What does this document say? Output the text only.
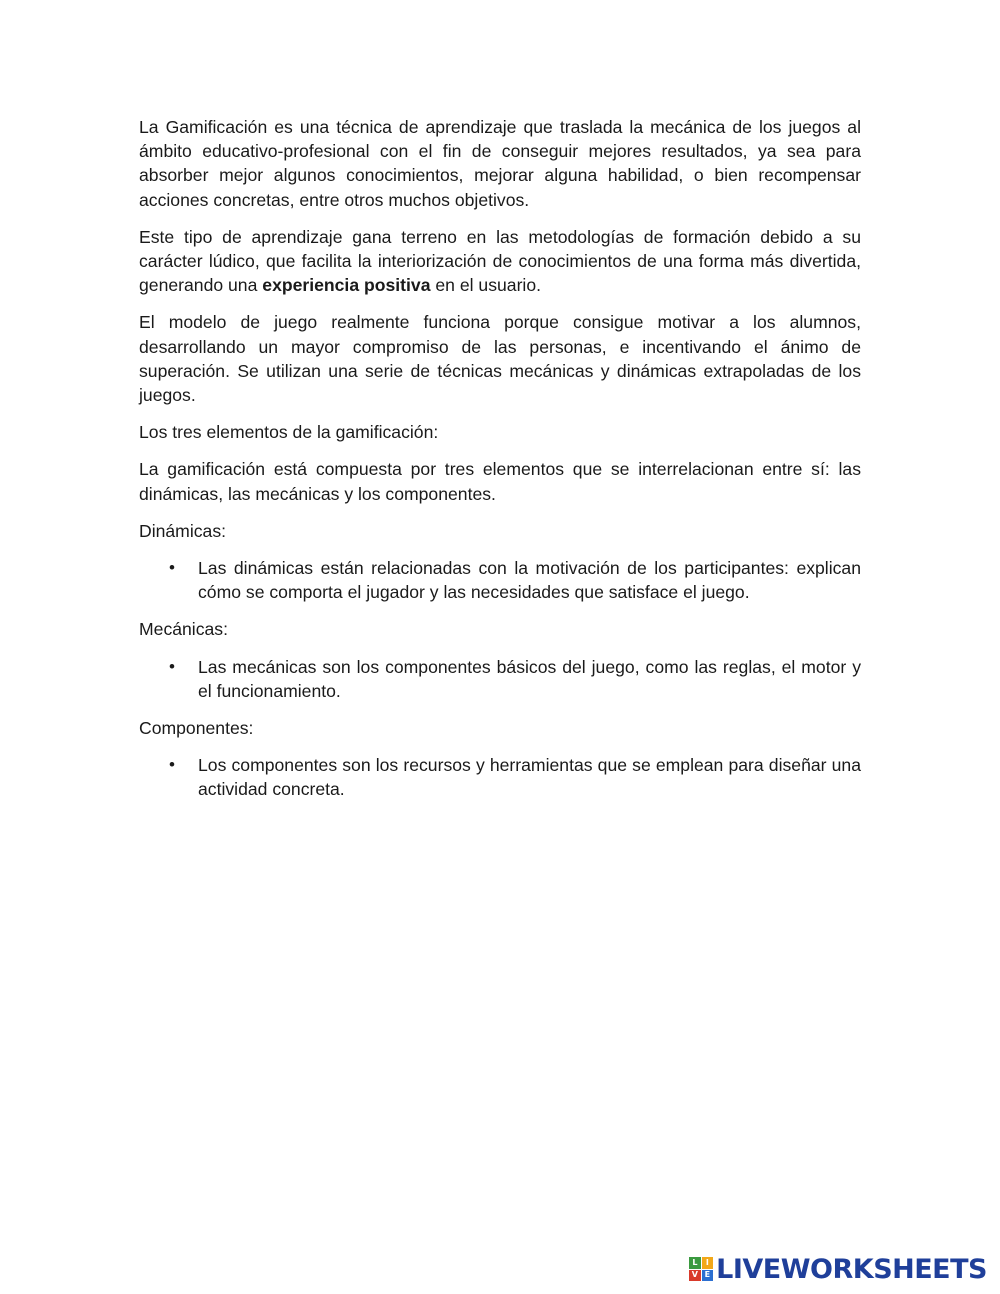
La Gamificación es una técnica de aprendizaje que traslada la mecánica de los juegos al ámbito educativo-profesional con el fin de conseguir mejores resultados, ya sea para absorber mejor algunos conocimientos, mejorar alguna habilidad, o bien recompensar acciones concretas, entre otros muchos objetivos.

Este tipo de aprendizaje gana terreno en las metodologías de formación debido a su carácter lúdico, que facilita la interiorización de conocimientos de una forma más divertida, generando una experiencia positiva en el usuario.

El modelo de juego realmente funciona porque consigue motivar a los alumnos, desarrollando un mayor compromiso de las personas, e incentivando el ánimo de superación. Se utilizan una serie de técnicas mecánicas y dinámicas extrapoladas de los juegos.

Los tres elementos de la gamificación:

La gamificación está compuesta por tres elementos que se interrelacionan entre sí: las dinámicas, las mecánicas y los componentes.

Dinámicas:

• Las dinámicas están relacionadas con la motivación de los participantes: explican cómo se comporta el jugador y las necesidades que satisface el juego.

Mecánicas:

• Las mecánicas son los componentes básicos del juego, como las reglas, el motor y el funcionamiento.

Componentes:

• Los componentes son los recursos y herramientas que se emplean para diseñar una actividad concreta.
L	I
V E LIVEWORKSHEETS
